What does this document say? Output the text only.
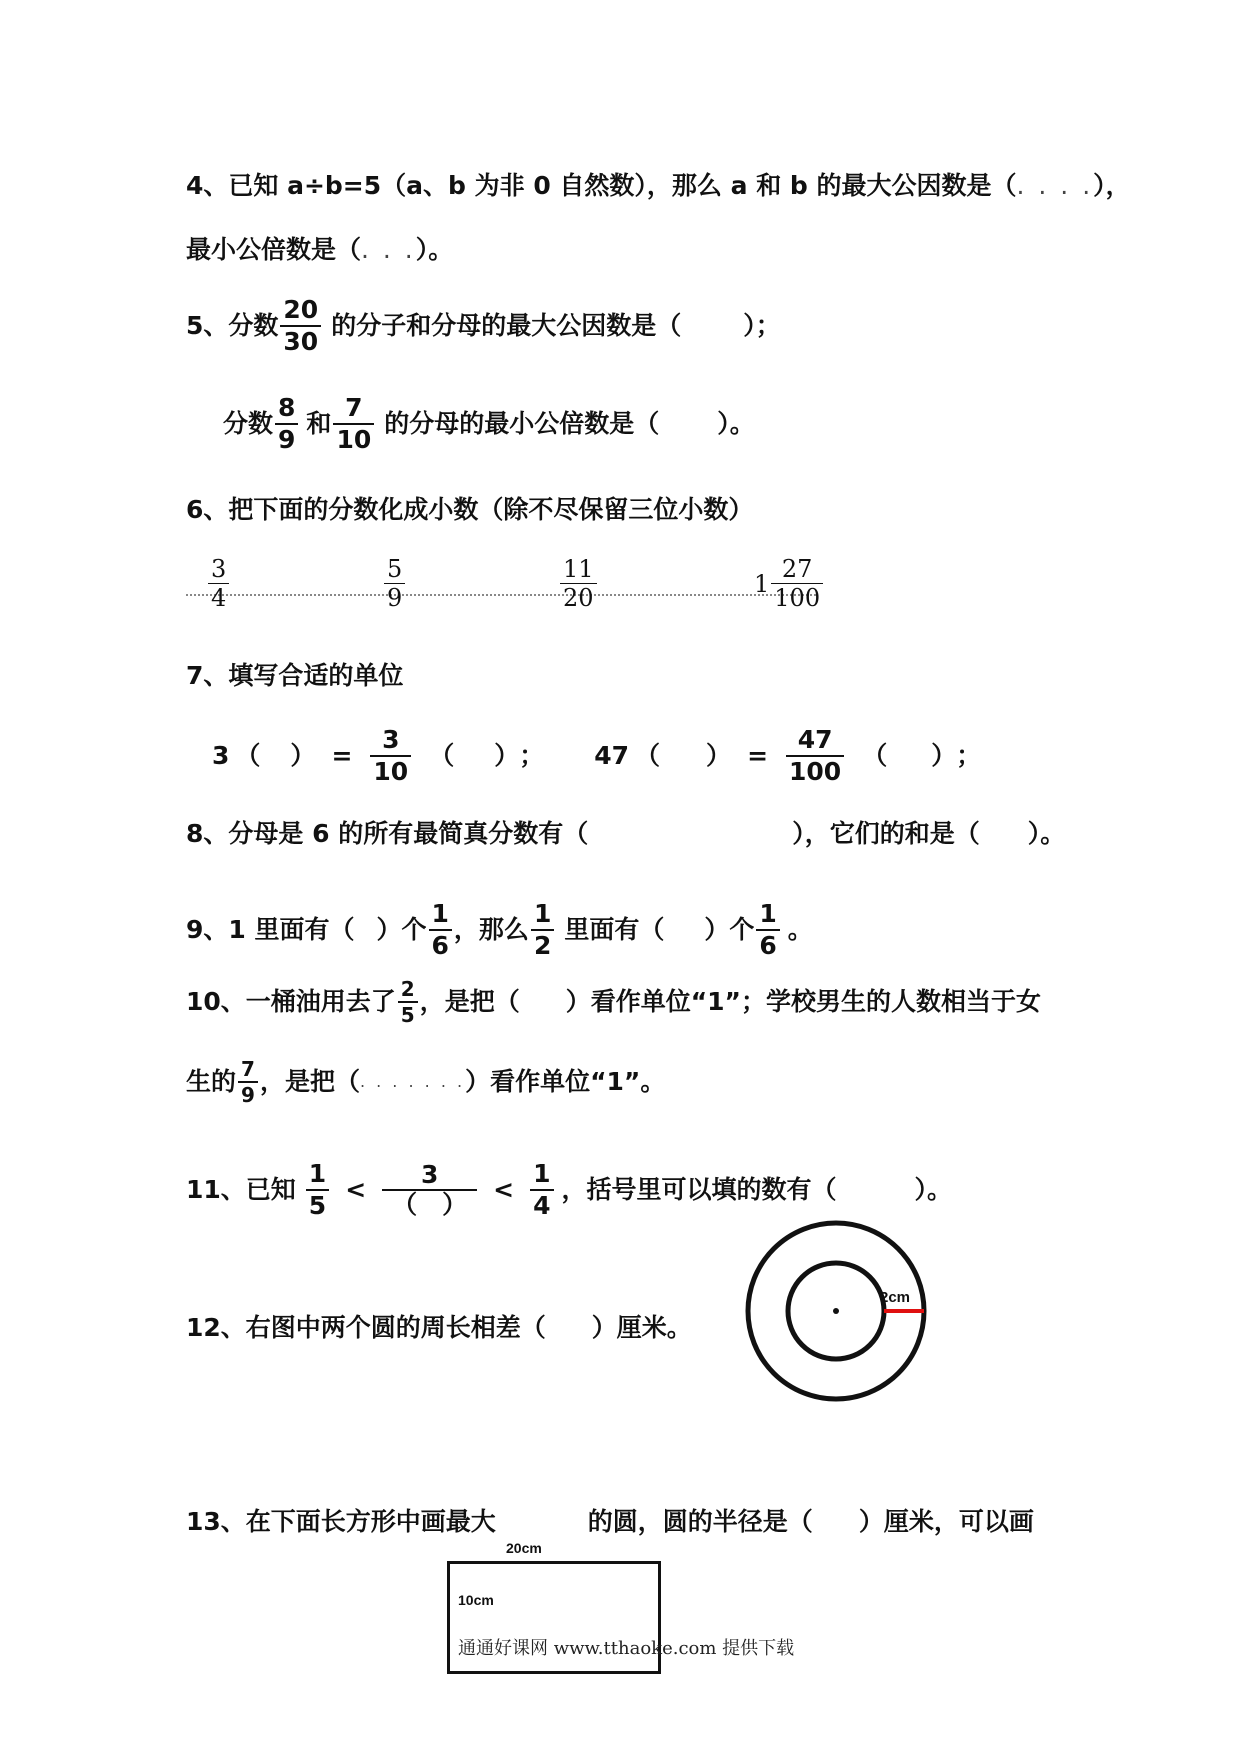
4、已知 a÷b=5（a、b 为非 0 自然数），那么 a 和 b 的最大公因数是（. . . .），
最小公倍数是（. . .）。
5、分数 $\frac{20}{30}$ 的分子和分母的最大公因数是（ ）；
分数 $\frac{8}{9}$ 和 $\frac{7}{10}$ 的分母的最小公倍数是（ ）。
6、把下面的分数化成小数（除不尽保留三位小数）
$\frac{3}{4}$	$\frac{5}{9}$	$\frac{11}{20}$	$1 \frac{27}{100}$
7、填写合适的单位
3 （ ） = $\frac{3}{10}$ （ ） ； 47 （ ） = $\frac{47}{100}$ （ ） ；
8、分母是 6 的所有最简真分数有（	），它们的和是（ ）。
9、1 里面有（ ）个 $\frac{1}{6}$ ，那么 $\frac{1}{2}$ 里面有（ ）个 $\frac{1}{6}$ 。
10、一桶油用去了 $\frac{2}{5}$ ，是把（ ）看作单位“1”；学校男生的人数相当于女
生的 $\frac{7}{9}$ ，是把（ . . . . . . . ）看作单位“1”。
11、已知 $\frac{1}{5} < \frac{3}{( )} < \frac{1}{4}$ ，括号里可以填的数有（	）。
12、右图中两个圆的周长相差（ ）厘米。
2cm
13、在下面长方形中画最大	的圆，圆的半径是（ ）厘米，可以画
20cm
10cm
通通好课网 www.tthaoke.com 提供下载
